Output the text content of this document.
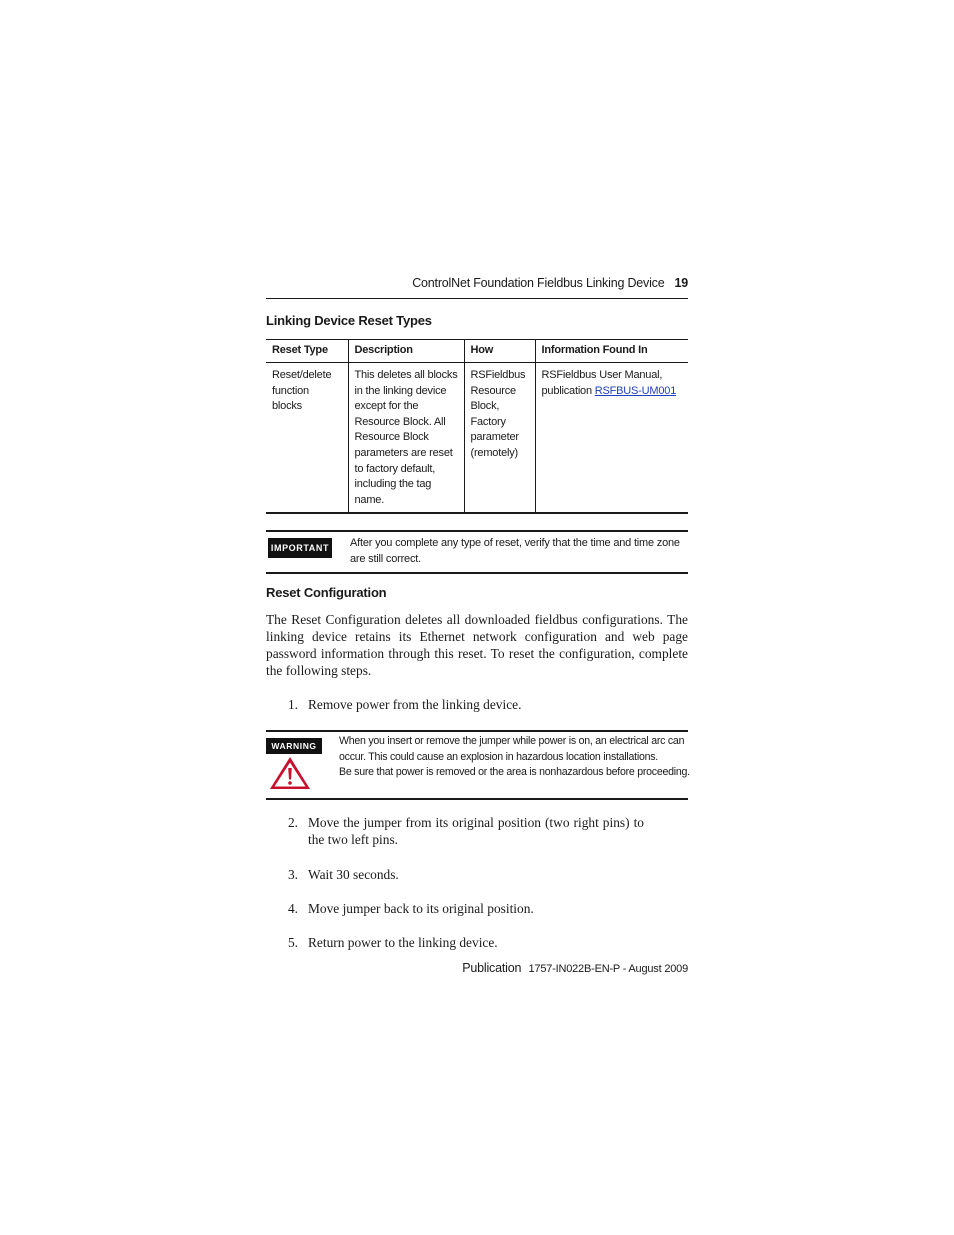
ControlNet Foundation Fieldbus Linking Device 19
Linking Device Reset Types
Reset Type	Description	How	Information Found In
Reset/delete function blocks	This deletes all blocks in the linking device except for the Resource Block. All Resource Block parameters are reset to factory default, including the tag name.	RSFieldbus Resource Block, Factory parameter (remotely)	RSFieldbus User Manual, publication RSFBUS-UM001
IMPORTANT After you complete any type of reset, verify that the time and time zone are still correct.
Reset Configuration
The Reset Configuration deletes all downloaded fieldbus configurations. The linking device retains its Ethernet network configuration and web page password information through this reset. To reset the configuration, complete the following steps.
1. Remove power from the linking device.
WARNING	When you insert or remove the jumper while power is on, an electrical arc can occur. This could cause an explosion in hazardous location installations.
Be sure that power is removed or the area is nonhazardous before proceeding.
2. Move the jumper from its original position (two right pins) to the two left pins.
3. Wait 30 seconds.
4. Move jumper back to its original position.
5. Return power to the linking device.
Publication 1757-IN022B-EN-P - August 2009
